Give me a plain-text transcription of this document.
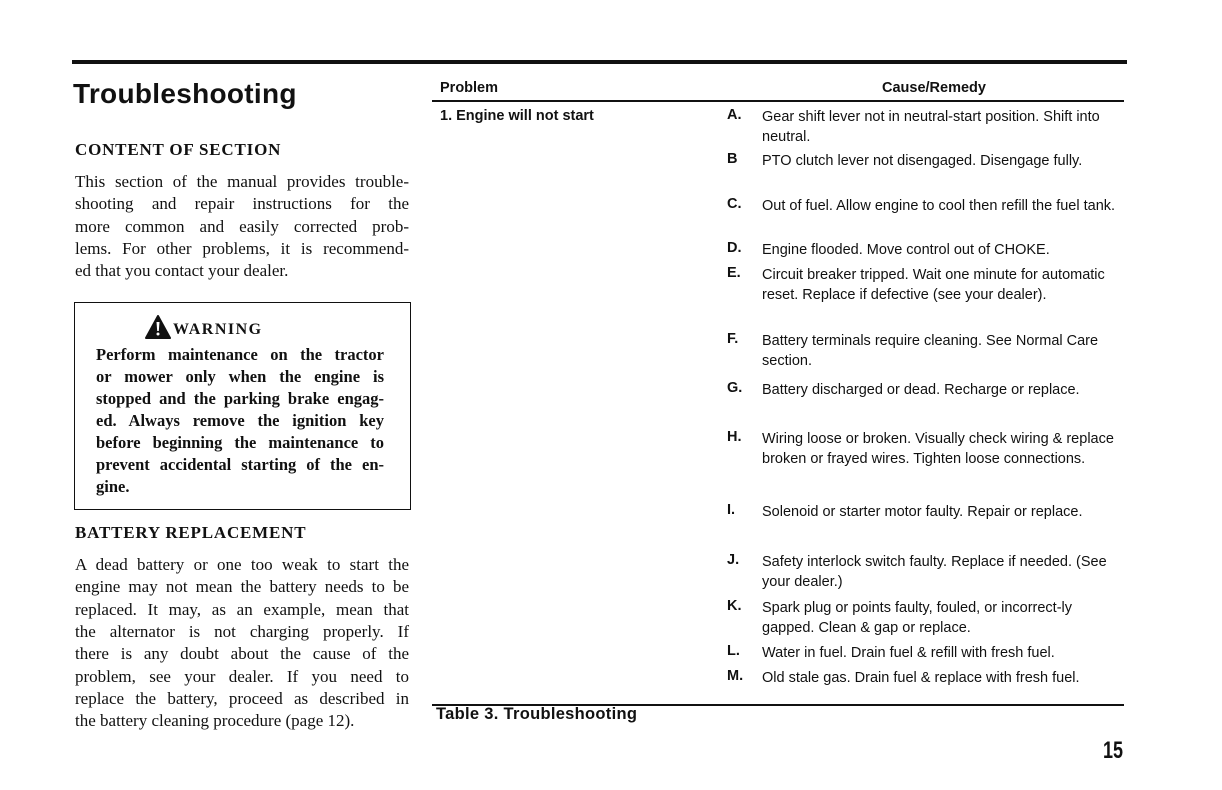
Troubleshooting
CONTENT OF SECTION
This section of the manual provides trouble-
shooting and repair instructions for the
more common and easily corrected prob-
lems. For other problems, it is recommend-
ed that you contact your dealer.
WARNING
Perform maintenance on the tractor
or mower only when the engine is
stopped and the parking brake engag-
ed. Always remove the ignition key
before beginning the maintenance to
prevent accidental starting of the en-
gine.
BATTERY REPLACEMENT
A dead battery or one too weak to start the
engine may not mean the battery needs to be
replaced. It may, as an example, mean that
the alternator is not charging properly. If
there is any doubt about the cause of the
problem, see your dealer. If you need to
replace the battery, proceed as described in
the battery cleaning procedure (page 12).
Problem	Cause/Remedy
1. Engine will not start	A. Gear shift lever not in neutral-start position. Shift into neutral.
B PTO clutch lever not disengaged. Disengage fully.
C. Out of fuel. Allow engine to cool then refill the fuel tank.
D. Engine flooded. Move control out of CHOKE.
E. Circuit breaker tripped. Wait one minute for automatic reset. Replace if defective (see your dealer).
F. Battery terminals require cleaning. See Normal Care section.
G. Battery discharged or dead. Recharge or replace.
H. Wiring loose or broken. Visually check wiring & replace broken or frayed wires. Tighten loose connections.
I. Solenoid or starter motor faulty. Repair or replace.
J. Safety interlock switch faulty. Replace if needed. (See your dealer.)
K. Spark plug or points faulty, fouled, or incorrect-ly gapped. Clean & gap or replace.
L. Water in fuel. Drain fuel & refill with fresh fuel.
M. Old stale gas. Drain fuel & replace with fresh fuel.
Table 3. Troubleshooting
15
